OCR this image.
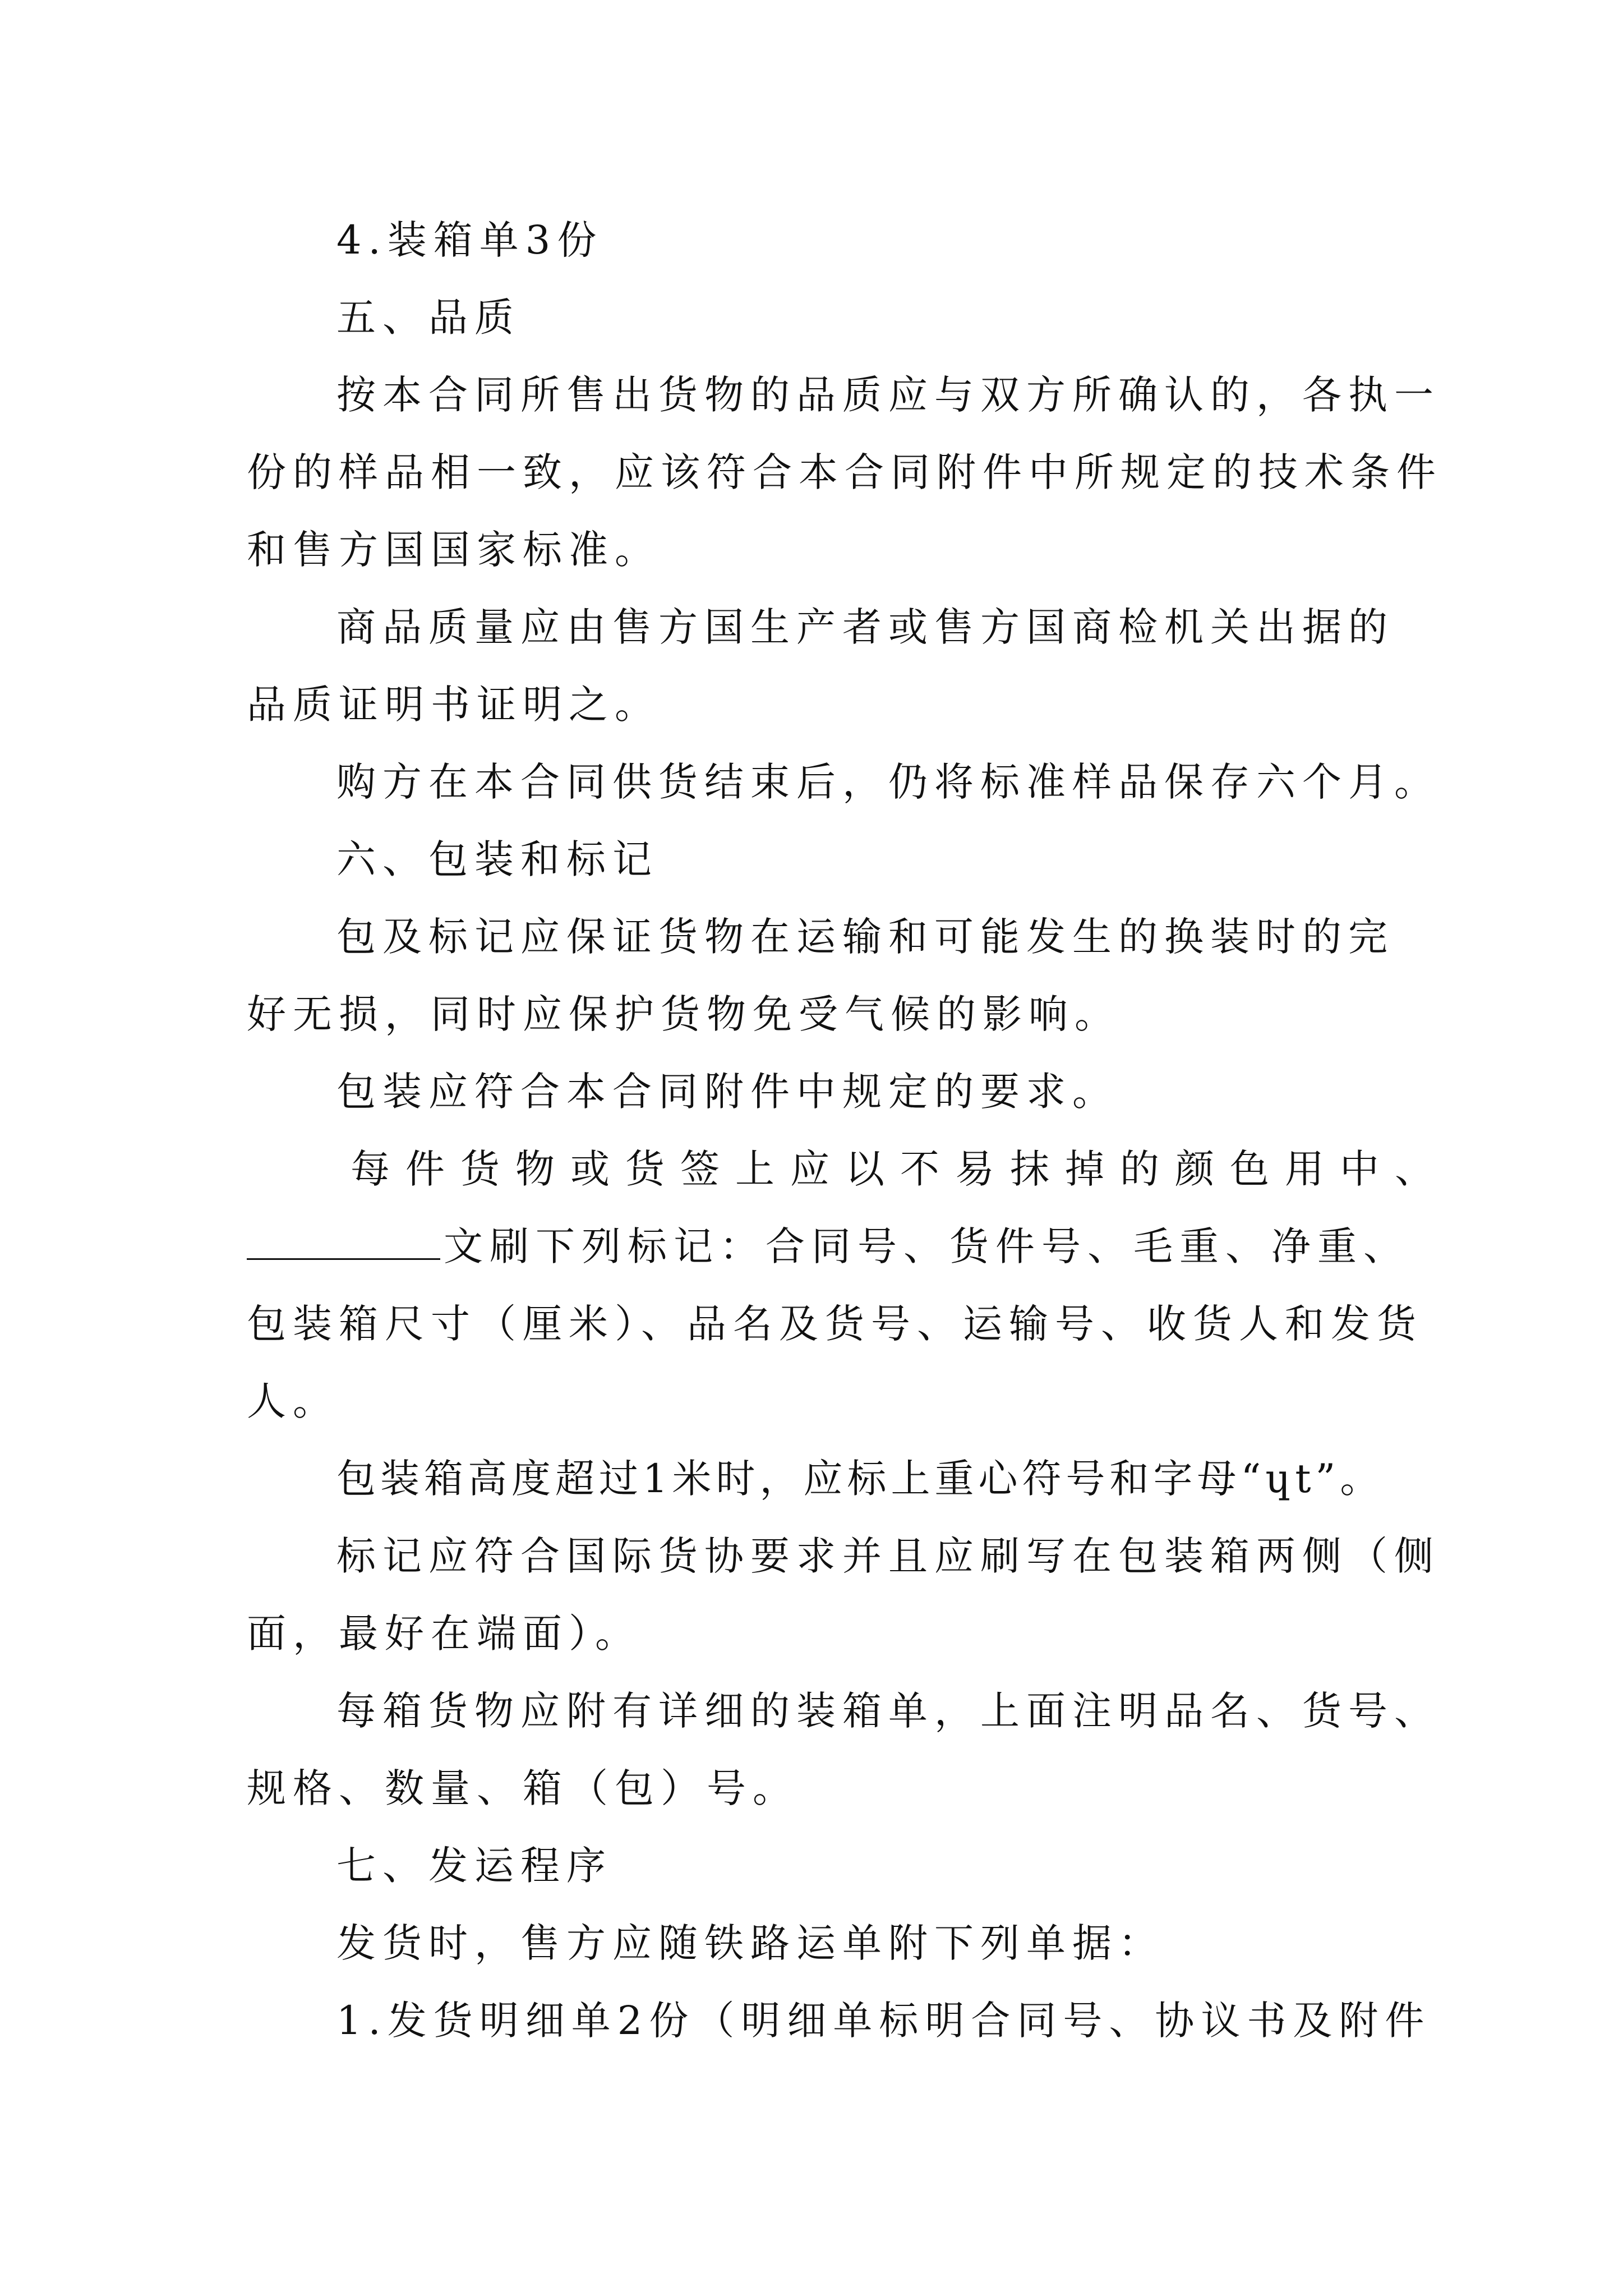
4.装箱单3份
五、品质
按本合同所售出货物的品质应与双方所确认的，各执一
份的样品相一致，应该符合本合同附件中所规定的技术条件
和售方国国家标准。
商品质量应由售方国生产者或售方国商检机关出据的
品质证明书证明之。
购方在本合同供货结束后，仍将标准样品保存六个月。
六、包装和标记
包及标记应保证货物在运输和可能发生的换装时的完
好无损，同时应保护货物免受气候的影响。
包装应符合本合同附件中规定的要求。
每件货物或货签上应以不易抹掉的颜色用中、
文刷下列标记：合同号、货件号、毛重、净重、
包装箱尺寸（厘米）、品名及货号、运输号、收货人和发货
人。
包装箱高度超过1米时，应标上重心符号和字母“ɥt”。
标记应符合国际货协要求并且应刷写在包装箱两侧（侧
面，最好在端面）。
每箱货物应附有详细的装箱单，上面注明品名、货号、
规格、数量、箱（包）号。
七、发运程序
发货时，售方应随铁路运单附下列单据：
1.发货明细单2份（明细单标明合同号、协议书及附件
